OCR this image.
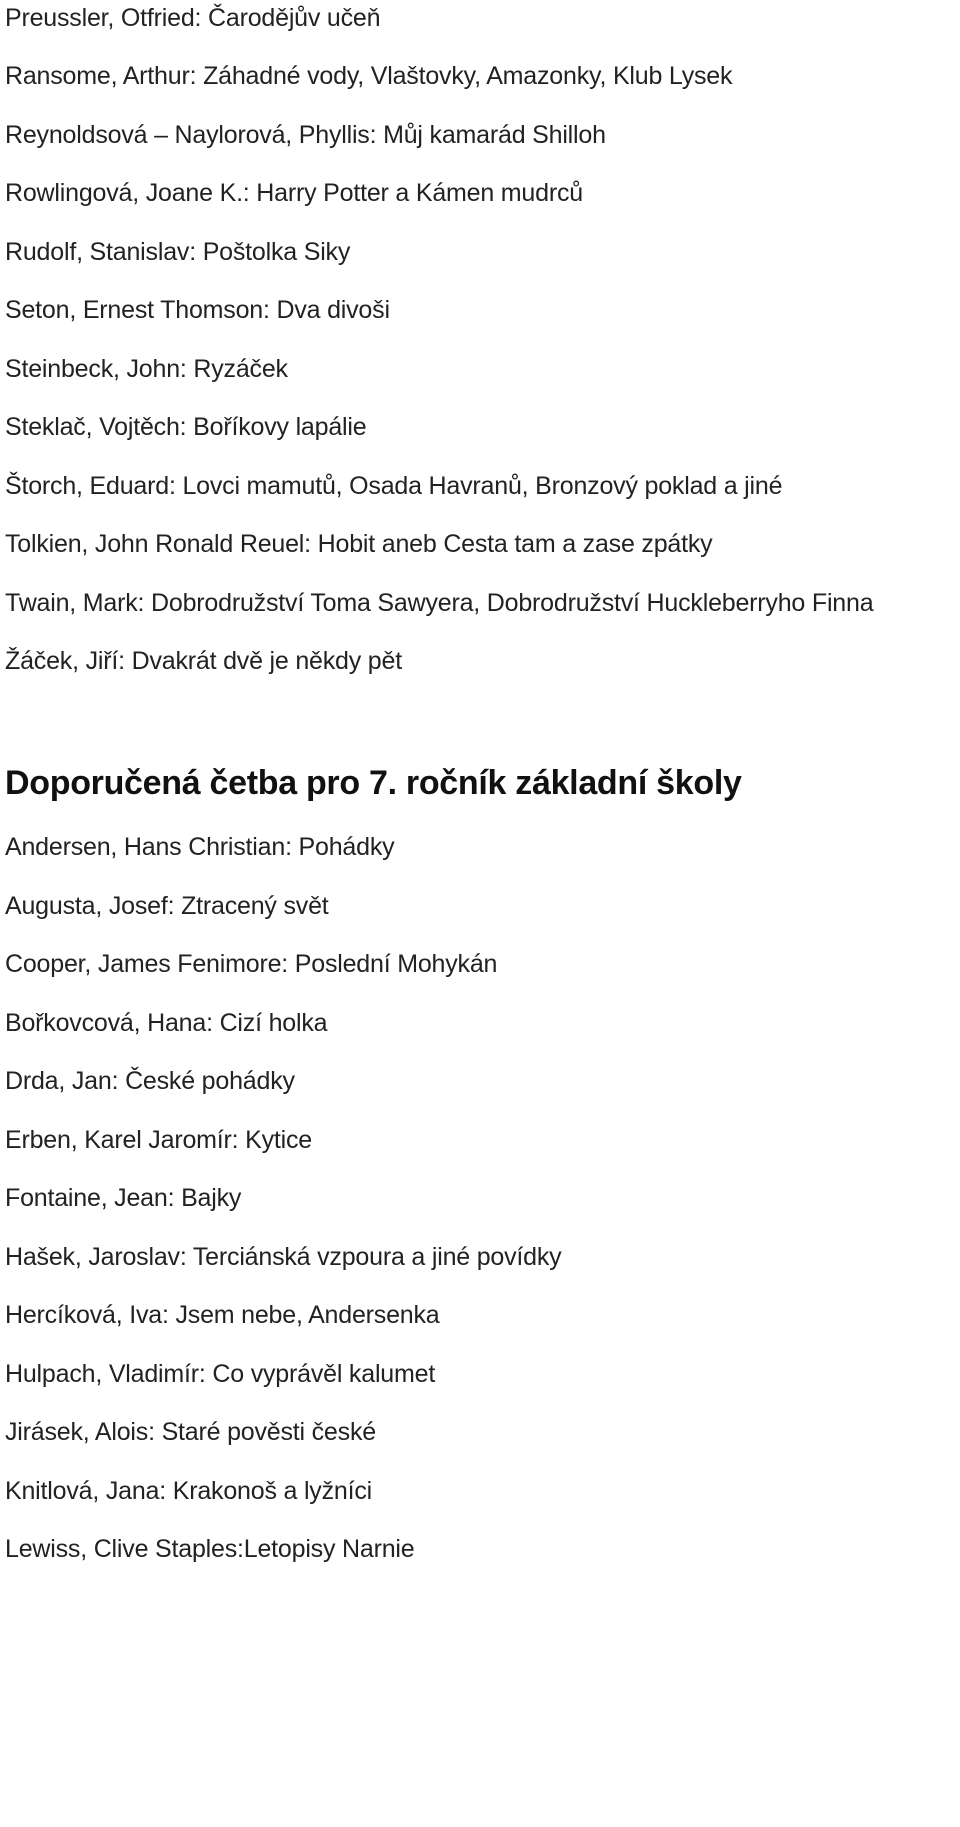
Preussler, Otfried: Čarodějův učeň
Ransome, Arthur: Záhadné vody, Vlaštovky, Amazonky, Klub Lysek
Reynoldsová – Naylorová, Phyllis: Můj kamarád Shilloh
Rowlingová, Joane K.: Harry Potter a Kámen mudrců
Rudolf, Stanislav: Poštolka Siky
Seton, Ernest Thomson: Dva divoši
Steinbeck, John: Ryzáček
Steklač, Vojtěch: Boříkovy lapálie
Štorch, Eduard: Lovci mamutů, Osada Havranů, Bronzový poklad a jiné
Tolkien, John Ronald Reuel: Hobit aneb Cesta tam a zase zpátky
Twain, Mark: Dobrodružství Toma Sawyera, Dobrodružství Huckleberryho Finna
Žáček, Jiří: Dvakrát dvě je někdy pět
Doporučená četba pro 7. ročník základní školy
Andersen, Hans Christian: Pohádky
Augusta, Josef: Ztracený svět
Cooper, James Fenimore: Poslední Mohykán
Bořkovcová, Hana: Cizí holka
Drda, Jan: České pohádky
Erben, Karel Jaromír: Kytice
Fontaine, Jean: Bajky
Hašek, Jaroslav: Terciánská vzpoura a jiné povídky
Hercíková, Iva: Jsem nebe, Andersenka
Hulpach, Vladimír: Co vyprávěl kalumet
Jirásek, Alois: Staré pověsti české
Knitlová, Jana: Krakonoš a lyžníci
Lewiss, Clive Staples:Letopisy Narnie
